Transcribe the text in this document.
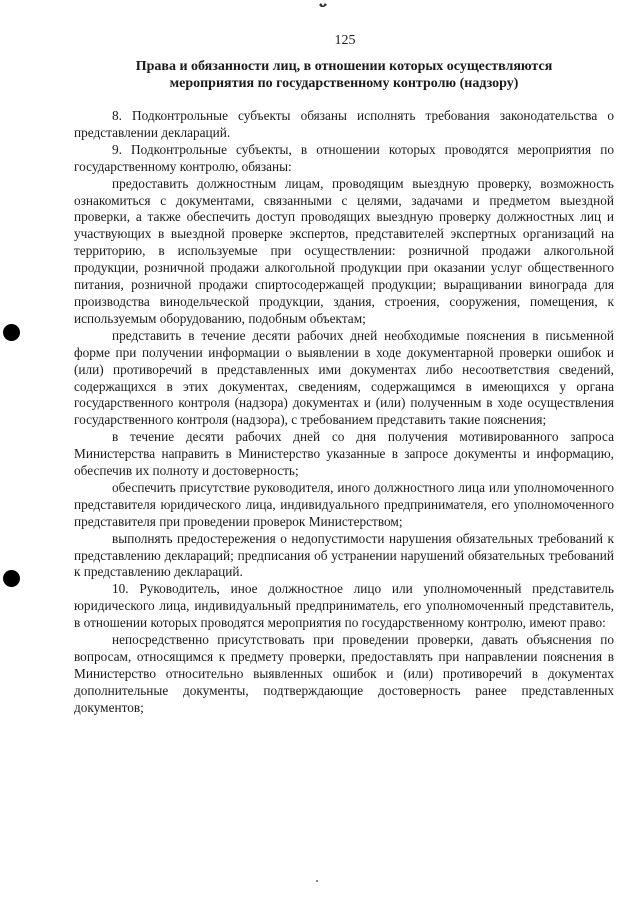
125
Права и обязанности лиц, в отношении которых осуществляются
мероприятия по государственному контролю (надзору)

8. Подконтрольные субъекты обязаны исполнять требования законодательства о представлении деклараций.

9. Подконтрольные субъекты, в отношении которых проводятся мероприятия по государственному контролю, обязаны:

предоставить должностным лицам, проводящим выездную проверку, возможность ознакомиться с документами, связанными с целями, задачами и предметом выездной проверки, а также обеспечить доступ проводящих выездную проверку должностных лиц и участвующих в выездной проверке экспертов, представителей экспертных организаций на территорию, в используемые при осуществлении: розничной продажи алкогольной продукции, розничной продажи алкогольной продукции при оказании услуг общественного питания, розничной продажи спиртосодержащей продукции; выращивании винограда для производства винодельческой продукции, здания, строения, сооружения, помещения, к используемым оборудованию, подобным объектам;

представить в течение десяти рабочих дней необходимые пояснения в письменной форме при получении информации о выявлении в ходе документарной проверки ошибок и (или) противоречий в представленных ими документах либо несоответствия сведений, содержащихся в этих документах, сведениям, содержащимся в имеющихся у органа государственного контроля (надзора) документах и (или) полученным в ходе осуществления государственного контроля (надзора), с требованием представить такие пояснения;

в течение десяти рабочих дней со дня получения мотивированного запроса Министерства направить в Министерство указанные в запросе документы и информацию, обеспечив их полноту и достоверность;

обеспечить присутствие руководителя, иного должностного лица или уполномоченного представителя юридического лица, индивидуального предпринимателя, его уполномоченного представителя при проведении проверок Министерством;

выполнять предостережения о недопустимости нарушения обязательных требований к представлению деклараций; предписания об устранении нарушений обязательных требований к представлению деклараций.

10. Руководитель, иное должностное лицо или уполномоченный представитель юридического лица, индивидуальный предприниматель, его уполномоченный представитель, в отношении которых проводятся мероприятия по государственному контролю, имеют право:

непосредственно присутствовать при проведении проверки, давать объяснения по вопросам, относящимся к предмету проверки, предоставлять при направлении пояснения в Министерство относительно выявленных ошибок и (или) противоречий в документах дополнительные документы, подтверждающие достоверность ранее представленных документов;
